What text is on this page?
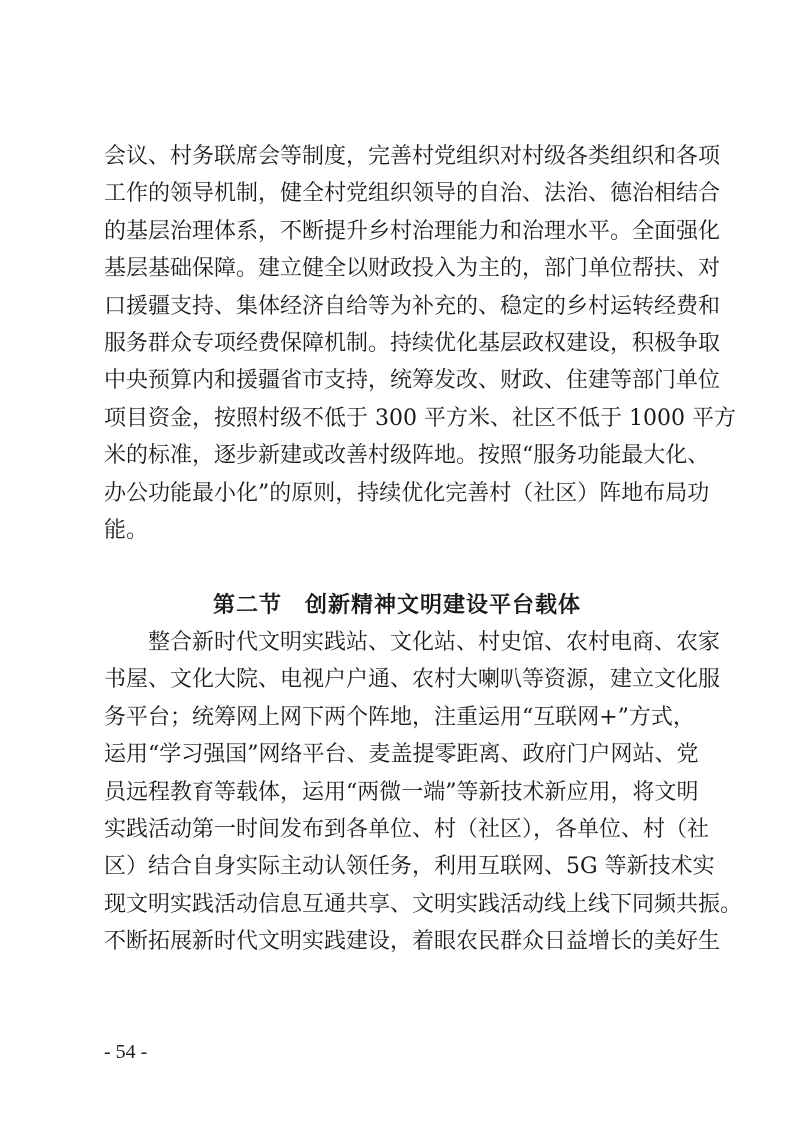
会议、村务联席会等制度，完善村党组织对村级各类组织和各项
工作的领导机制，健全村党组织领导的自治、法治、德治相结合
的基层治理体系，不断提升乡村治理能力和治理水平。全面强化
基层基础保障。建立健全以财政投入为主的，部门单位帮扶、对
口援疆支持、集体经济自给等为补充的、稳定的乡村运转经费和
服务群众专项经费保障机制。持续优化基层政权建设，积极争取
中央预算内和援疆省市支持，统筹发改、财政、住建等部门单位
项目资金，按照村级不低于 300 平方米、社区不低于 1000 平方
米的标准，逐步新建或改善村级阵地。按照“服务功能最大化、
办公功能最小化”的原则，持续优化完善村（社区）阵地布局功
能。
第二节　创新精神文明建设平台载体
整合新时代文明实践站、文化站、村史馆、农村电商、农家
书屋、文化大院、电视户户通、农村大喇叭等资源，建立文化服
务平台；统筹网上网下两个阵地，注重运用“互联网+”方式，
运用“学习强国”网络平台、麦盖提零距离、政府门户网站、党
员远程教育等载体，运用“两微一端”等新技术新应用，将文明
实践活动第一时间发布到各单位、村（社区），各单位、村（社
区）结合自身实际主动认领任务，利用互联网、5G 等新技术实
现文明实践活动信息互通共享、文明实践活动线上线下同频共振。
不断拓展新时代文明实践建设，着眼农民群众日益增长的美好生
- 54 -
